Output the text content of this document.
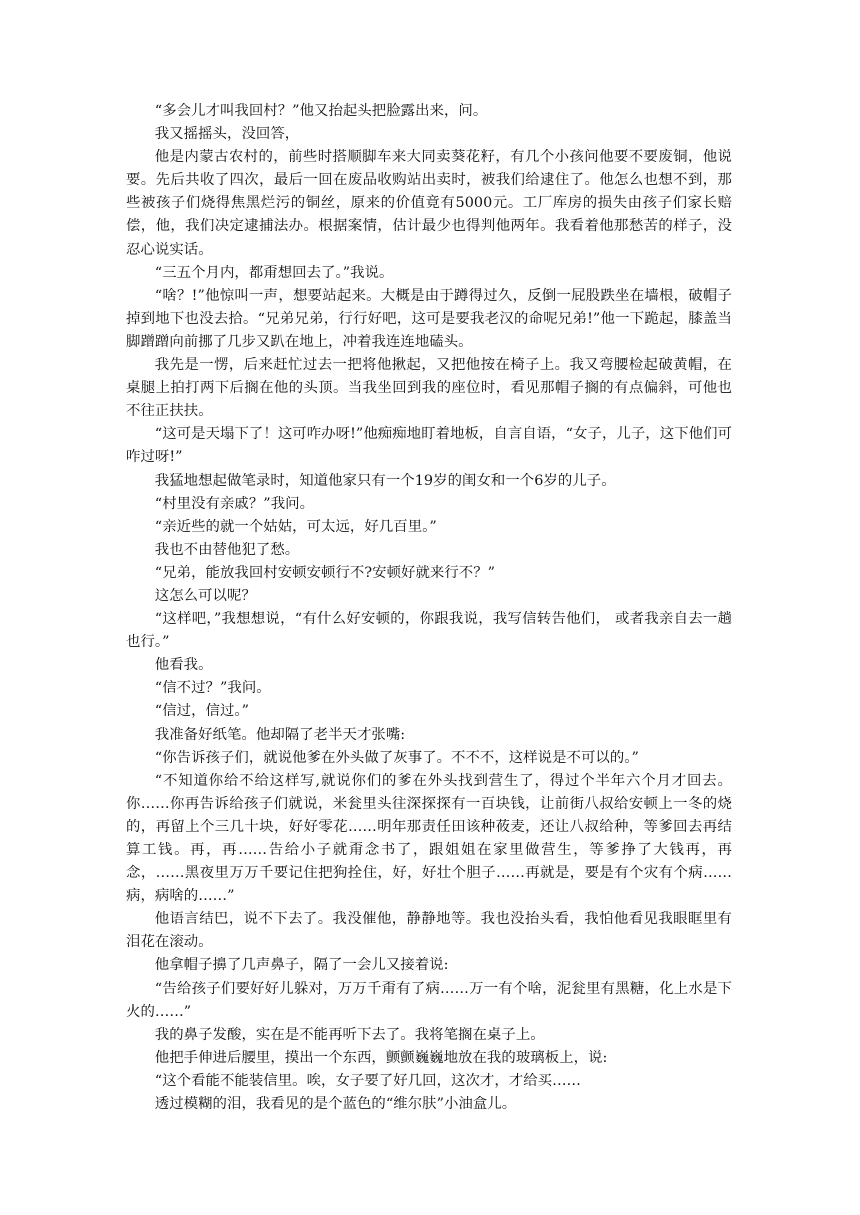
“多会儿才叫我回村？”他又抬起头把脸露出来，问。

我又摇摇头，没回答，

他是内蒙古农村的，前些时搭顺脚车来大同卖葵花籽，有几个小孩问他要不要废铜，他说要。先后共收了四次，最后一回在废品收购站出卖时，被我们给逮住了。他怎么也想不到，那些被孩子们烧得焦黑烂污的铜丝，原来的价值竟有5000元。工厂库房的损失由孩子们家长赔偿，他，我们决定逮捕法办。根据案情，估计最少也得判他两年。我看着他那愁苦的样子，没忍心说实话。

“三五个月内，都甭想回去了。”我说。

“啥？!”他惊叫一声，想要站起来。大概是由于蹲得过久，反倒一屁股跌坐在墙根，破帽子掉到地下也没去拾。“兄弟兄弟，行行好吧，这可是要我老汉的命呢兄弟!”他一下跪起，膝盖当脚蹭蹭向前挪了几步又趴在地上，冲着我连连地磕头。

我先是一愣，后来赶忙过去一把将他揪起，又把他按在椅子上。我又弯腰检起破黄帽，在桌腿上拍打两下后搁在他的头顶。当我坐回到我的座位时，看见那帽子搁的有点偏斜，可他也不往正扶扶。

“这可是天塌下了！这可咋办呀!”他痴痴地盯着地板，自言自语，“女子，儿子，这下他们可咋过呀!”

我猛地想起做笔录时，知道他家只有一个19岁的闺女和一个6岁的儿子。

“村里没有亲戚？”我问。

“亲近些的就一个姑姑，可太远，好几百里。”

我也不由替他犯了愁。

“兄弟，能放我回村安顿安顿行不?安顿好就来行不？”

这怎么可以呢？

“这样吧，”我想想说，“有什么好安顿的，你跟我说，我写信转告他们， 或者我亲自去一趟也行。”

他看我。

“信不过？”我问。

“信过，信过。”

我准备好纸笔。他却隔了老半天才张嘴:

“你告诉孩子们，就说他爹在外头做了灰事了。不不不，这样说是不可以的。”

“不知道你给不给这样写,就说你们的爹在外头找到营生了，得过个半年六个月才回去。你……你再告诉给孩子们就说，米瓮里头往深探探有一百块钱，让前街八叔给安顿上一冬的烧的，再留上个三几十块，好好零花……明年那责任田该种莜麦，还让八叔给种，等爹回去再结算工钱。再，再……告给小子就甭念书了，跟姐姐在家里做营生，等爹挣了大钱再，再念，……黑夜里万万千要记住把狗拴住，好，好壮个胆子……再就是，要是有个灾有个病……病，病啥的……”

他语言结巴，说不下去了。我没催他，静静地等。我也没抬头看，我怕他看见我眼眶里有泪花在滚动。

他拿帽子擤了几声鼻子，隔了一会儿又接着说:

“告给孩子们要好好儿躲对，万万千甭有了病……万一有个啥，泥瓮里有黑糖，化上水是下火的……”

我的鼻子发酸，实在是不能再听下去了。我将笔搁在桌子上。

他把手伸进后腰里，摸出一个东西，颤颤巍巍地放在我的玻璃板上，说:

“这个看能不能装信里。唉，女子要了好几回，这次才，才给买……

透过模糊的泪，我看见的是个蓝色的“维尔肤”小油盒儿。
